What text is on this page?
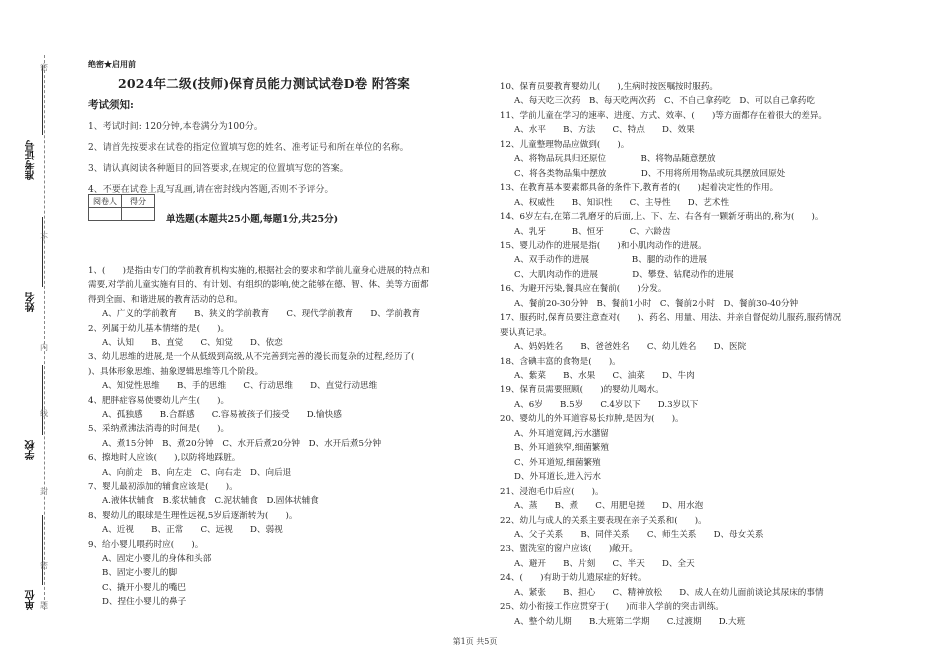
准考证号
姓名
学校
单位
密
不
内
线
封
密
题
绝密★启用前
2024年二级(技师)保育员能力测试试卷D卷 附答案
考试须知:
1、考试时间: 120分钟,本卷满分为100分。
2、请首先按要求在试卷的指定位置填写您的姓名、准考证号和所在单位的名称。
3、请认真阅读各种题目的回答要求,在规定的位置填写您的答案。
4、不要在试卷上乱写乱画,请在密封线内答题,否则不予评分。
阅卷人	得分

单选题(本题共25小题,每题1分,共25分)
1、(　　)是指由专门的学前教育机构实施的,根据社会的要求和学前儿童身心进展的特点和
需要,对学前儿童实施有目的、有计划、有组织的影响,使之能够在德、智、体、美等方面都
得到全面、和谐进展的教育活动的总和。
A、广义的学前教育　　B、狭义的学前教育　　C、现代学前教育　　D、学前教育
2、列属于幼儿基本情绪的是(　　)。
A、认知　　B、直觉　　C、知觉　　D、依恋
3、幼儿思维的进展,是一个从低级到高级,从不完善到完善的漫长而复杂的过程,经历了(
)、具体形象思维、抽象逻辑思维等几个阶段。
A、知觉性思维　　B、手的思维　　C、行动思维　　D、直觉行动思维
4、肥胖症容易使婴幼儿产生(　　)。
A、孤独感　　B.合群感　　C.容易被孩子们接受　　D.愉快感
5、采纳煮沸法消毒的时间是(　　)。
A、煮15分钟　B、煮20分钟　C、水开后煮20分钟　D、水开后煮5分钟
6、擦地时人应该(　　),以防将地踩脏。
A、向前走　B、向左走　C、向右走　D、向后退
7、婴儿最初添加的辅食应该是(　　)。
A.液体状辅食　B.浆状辅食　C.泥状辅食　D.固体状辅食
8、婴幼儿的眼球是生理性远视,5岁后逐渐转为(　　)。
A、近视　　B、正常　　C、远视　　D、弱视
9、给小婴儿喂药时应(　　)。
A、固定小婴儿的身体和头部
B、固定小婴儿的脚
C、撬开小婴儿的嘴巴
D、捏住小婴儿的鼻子
10、保育员要教育婴幼儿(　　),生病时按医嘱按时服药。
A、每天吃三次药　B、每天吃两次药　C、不自己拿药吃　D、可以自己拿药吃
11、学前儿童在学习的速率、进度、方式、效率、(　　)等方面都存在着很大的差异。
A、水平　　B、方法　　C、特点　　D、效果
12、儿童整理物品应做到(　　)。
A、将物品玩具归还原位　　　　B、将物品随意摆放
C、将各类物品集中摆放　　　　D、不用将所用物品或玩具摆放回原处
13、在教育基本要素都具备的条件下,教育者的(　　)起着决定性的作用。
A、权威性　　B、知识性　　C、主导性　　D、艺术性
14、6岁左右,在第二乳磨牙的后面,上、下、左、右各有一颗新牙萌出的,称为(　　)。
A、乳牙　　　B、恒牙　　　C、六龄齿
15、婴儿动作的进展是指(　　)和小肌肉动作的进展。
A、双手动作的进展　　　　　B、腿的动作的进展
C、大肌肉动作的进展　　　　D、攀登、钻爬动作的进展
16、为避开污染,餐具应在餐前(　　)分发。
A、餐前20-30分钟　B、餐前1小时　C、餐前2小时　D、餐前30-40分钟
17、服药时,保育员要注意查对(　　)、药名、用量、用法、并亲自督促幼儿服药,服药情况
要认真记录。
A、妈妈姓名　　B、爸爸姓名　　C、幼儿姓名　　D、医院
18、含碘丰富的食物是(　　)。
A、紫菜　　B、水果　　C、油菜　　D、牛肉
19、保育员需要照顾(　　)的婴幼儿喝水。
A、6岁　　B.5岁　　C.4岁以下　　D.3岁以下
20、婴幼儿的外耳道容易长疖肿,是因为(　　)。
A、外耳道宽阔,污水潴留
B、外耳道狭窄,细菌繁殖
C、外耳道短,细菌繁殖
D、外耳道长,进入污水
21、浸泡毛巾后应(　　)。
A、蒸　　B、煮　　C、用肥皂搓　　D、用水泡
22、幼儿与成人的关系主要表现在亲子关系和(　　)。
A、父子关系　　B、同伴关系　　C、师生关系　　D、母女关系
23、盥洗室的窗户应该(　　)敞开。
A、避开　　B、片刻　　C、半天　　D、全天
24、(　　)有助于幼儿遗尿症的好转。
A、紧张　　B、担心　　C、精神放松　　D、成人在幼儿面前谈论其尿床的事情
25、幼小衔接工作应贯穿于(　　)而非入学前的突击训练。
A、整个幼儿期　　B.大班第二学期　　C.过渡期　　D.大班
第1页 共5页
